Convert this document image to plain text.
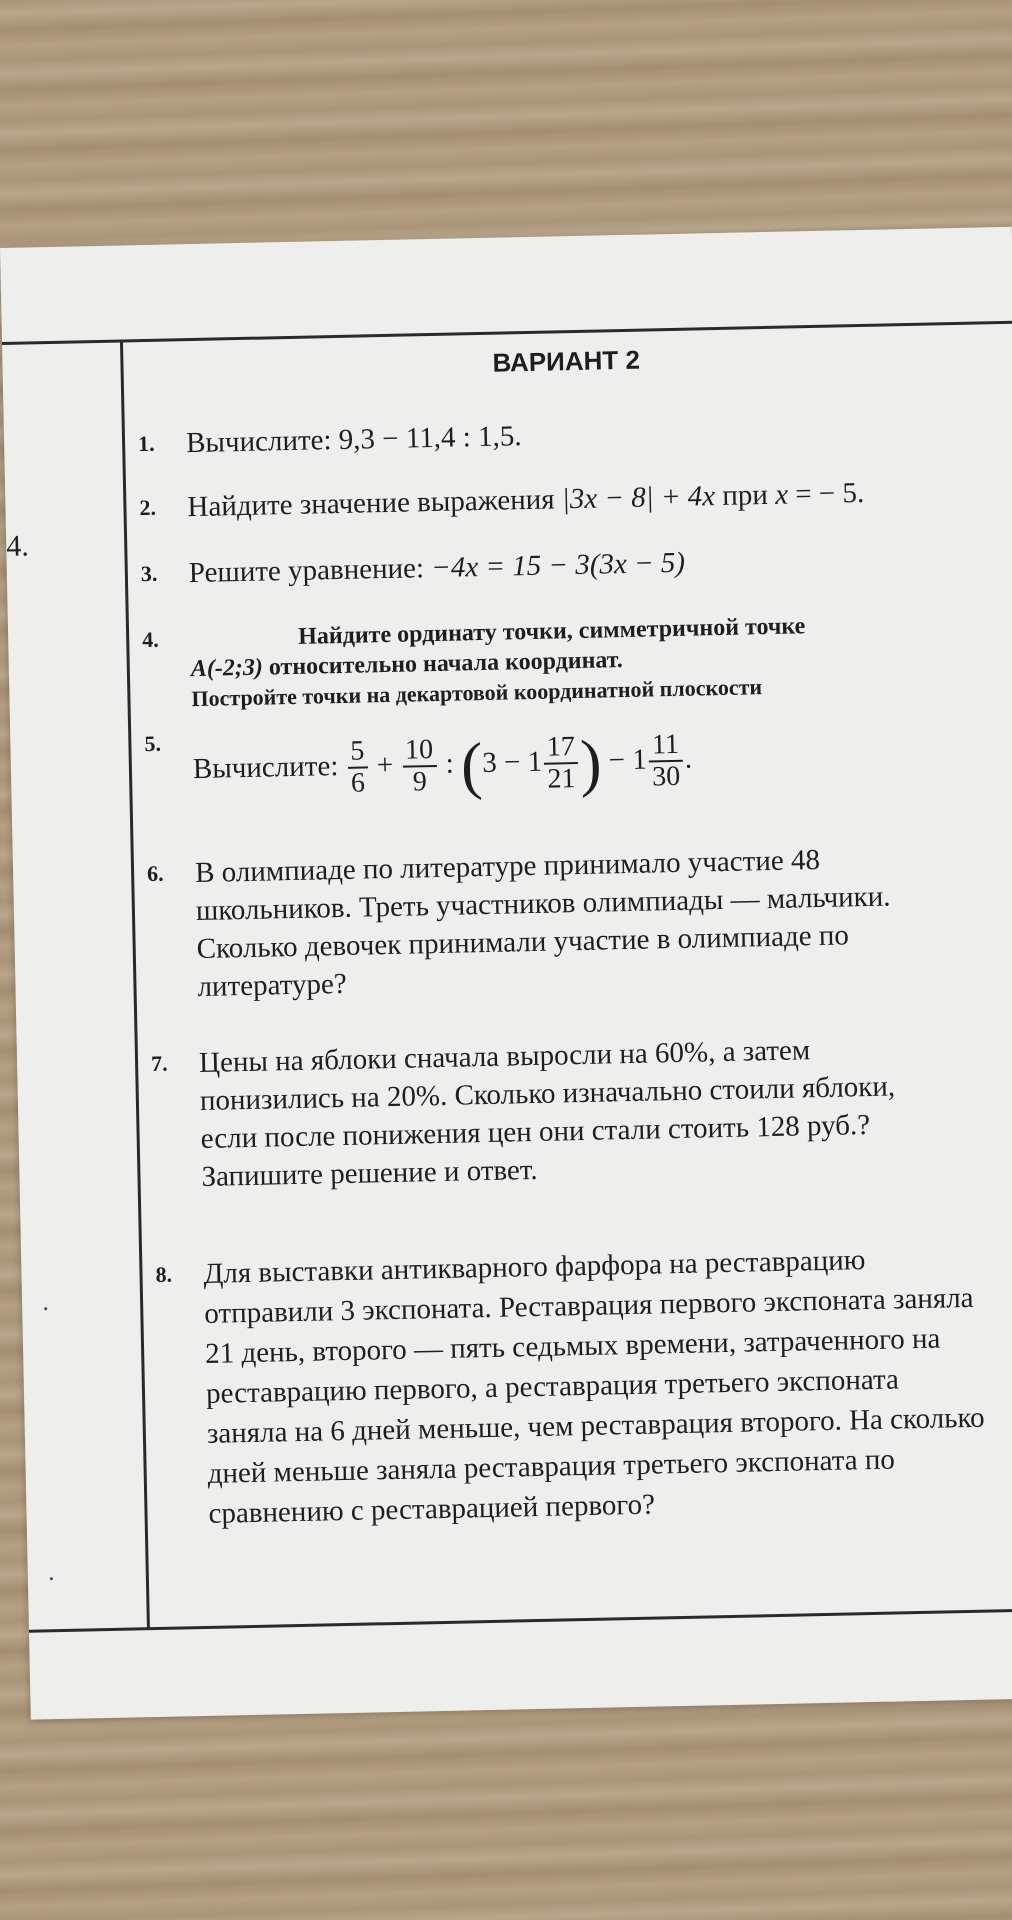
4.
ВАРИАНТ 2
1. Вычислите: 9,3 − 11,4 : 1,5.
2. Найдите значение выражения |3x − 8| + 4x при x = − 5.
3. Решите уравнение: −4x = 15 − 3(3x − 5)
4.	Найдите ординату точки, симметричной точке
A(-2;3) относительно начала координат.
Постройте точки на декартовой координатной плоскости
5.
Вычислите: $\frac{5}{6} + \frac{10}{9}$ : ($3 - 1 \frac{17}{21}$ ) − $1 \frac{11}{30}$ .
6. В олимпиаде по литературе принимало участие 48 школьников. Треть участников олимпиады — мальчики. Сколько девочек принимали участие в олимпиаде по литературе?
7. Цены на яблоки сначала выросли на 60%, а затем понизились на 20%. Сколько изначально стоили яблоки, если после понижения цен они стали стоить 128 руб.? Запишите решение и ответ.
8. Для выставки антикварного фарфора на реставрацию отправили 3 экспоната. Реставрация первого экспоната заняла 21 день, второго — пять седьмых времени, затраченного на реставрацию первого, а реставрация третьего экспоната заняла на 6 дней меньше, чем реставрация второго. На сколько дней меньше заняла реставрация третьего экспоната по сравнению с реставрацией первого?
